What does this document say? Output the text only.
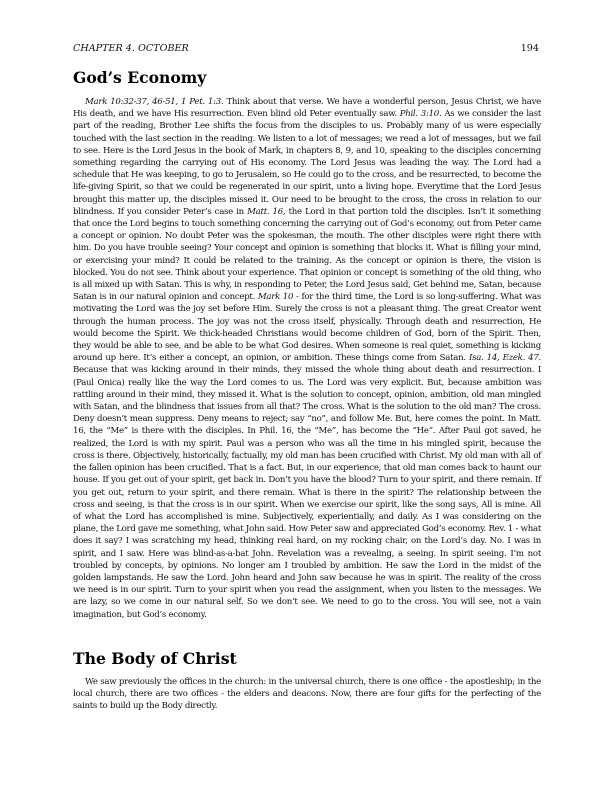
CHAPTER 4. OCTOBER	194
God’s Economy

Mark 10:32-37, 46-51, 1 Pet. 1:3. Think about that verse. We have a wonderful person, Jesus Christ, we have His death, and we have His resurrection. Even blind old Peter eventually saw. Phil. 3:10. As we consider the last part of the reading, Brother Lee shifts the focus from the disciples to us. Probably many of us were especially touched with the last section in the reading. We listen to a lot of messages; we read a lot of messages, but we fail to see. Here is the Lord Jesus in the book of Mark, in chapters 8, 9, and 10, speaking to the disciples concerning something regarding the carrying out of His economy. The Lord Jesus was leading the way. The Lord had a schedule that He was keeping, to go to Jerusalem, so He could go to the cross, and be resurrected, to become the life-giving Spirit, so that we could be regenerated in our spirit, unto a living hope. Everytime that the Lord Jesus brought this matter up, the disciples missed it. Our need to be brought to the cross, the cross in relation to our blindness. If you consider Peter’s case in Matt. 16, the Lord in that portion told the disciples. Isn’t it something that once the Lord begins to touch something concerning the carrying out of God’s economy, out from Peter came a concept or opinion. No doubt Peter was the spokesman, the mouth. The other disciples were right there with him. Do you have trouble seeing? Your concept and opinion is something that blocks it. What is filling your mind, or exercising your mind? It could be related to the training. As the concept or opinion is there, the vision is blocked. You do not see. Think about your experience. That opinion or concept is something of the old thing, who is all mixed up with Satan. This is why, in responding to Peter, the Lord Jesus said, Get behind me, Satan, because Satan is in our natural opinion and concept. Mark 10 - for the third time, the Lord is so long-suffering. What was motivating the Lord was the joy set before Him. Surely the cross is not a pleasant thing. The great Creator went through the human process. The joy was not the cross itself, physically. Through death and resurrection, He would become the Spirit. We thick-headed Christians would become children of God, born of the Spirit. Then, they would be able to see, and be able to be what God desires. When someone is real quiet, something is kicking around up here. It’s either a concept, an opinion, or ambition. These things come from Satan. Isa. 14, Ezek. 47. Because that was kicking around in their minds, they missed the whole thing about death and resurrection. I (Paul Onica) really like the way the Lord comes to us. The Lord was very explicit. But, because ambition was rattling around in their mind, they missed it. What is the solution to concept, opinion, ambition, old man mingled with Satan, and the blindness that issues from all that? The cross. What is the solution to the old man? The cross. Deny doesn’t mean suppress. Deny means to reject; say “no”, and follow Me. But, here comes the point. In Matt. 16, the “Me” is there with the disciples. In Phil. 16, the “Me”, has become the “He”. After Paul got saved, he realized, the Lord is with my spirit. Paul was a person who was all the time in his mingled spirit, because the cross is there. Objectively, historically, factually, my old man has been crucified with Christ. My old man with all of the fallen opinion has been crucified. That is a fact. But, in our experience, that old man comes back to haunt our house. If you get out of your spirit, get back in. Don’t you have the blood? Turn to your spirit, and there remain. If you get out, return to your spirit, and there remain. What is there in the spirit? The relationship between the cross and seeing, is that the cross is in our spirit. When we exercise our spirit, like the song says, All is mine. All of what the Lord has accomplished is mine. Subjectively, experientially, and daily. As I was considering on the plane, the Lord gave me something, what John said. How Peter saw and appreciated God’s economy. Rev. 1 - what does it say? I was scratching my head, thinking real hard, on my rocking chair, on the Lord’s day. No. I was in spirit, and I saw. Here was blind-as-a-bat John. Revelation was a revealing, a seeing. In spirit seeing. I’m not troubled by concepts, by opinions. No longer am I troubled by ambition. He saw the Lord in the midst of the golden lampstands. He saw the Lord. John heard and John saw because he was in spirit. The reality of the cross we need is in our spirit. Turn to your spirit when you read the assignment, when you listen to the messages. We are lazy, so we come in our natural self. So we don’t see. We need to go to the cross. You will see, not a vain imagination, but God’s economy.

The Body of Christ

We saw previously the offices in the church: in the universal church, there is one office - the apostleship; in the local church, there are two offices - the elders and deacons. Now, there are four gifts for the perfecting of the saints to build up the Body directly.
